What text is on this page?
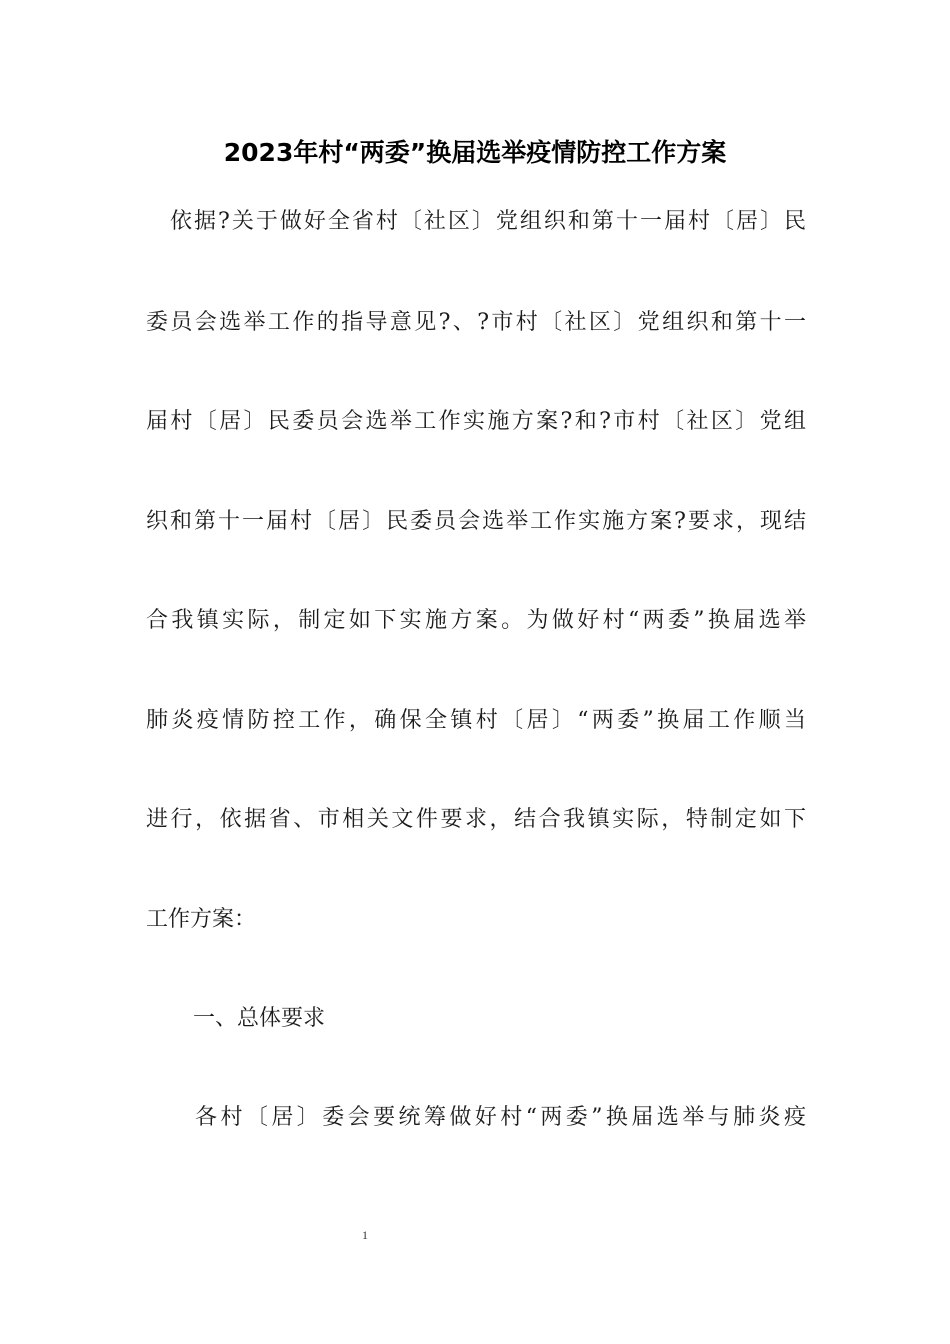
2023年村“两委”换届选举疫情防控工作方案
依据?关于做好全省村〔社区〕党组织和第十一届村〔居〕民
委员会选举工作的指导意见?、?市村〔社区〕党组织和第十一
届村〔居〕民委员会选举工作实施方案?和?市村〔社区〕党组
织和第十一届村〔居〕民委员会选举工作实施方案?要求，现结
合我镇实际，制定如下实施方案。为做好村“两委”换届选举
肺炎疫情防控工作，确保全镇村〔居〕“两委”换届工作顺当
进行，依据省、市相关文件要求，结合我镇实际，特制定如下
工作方案：
一、总体要求
各村〔居〕委会要统筹做好村“两委”换届选举与肺炎疫
1
